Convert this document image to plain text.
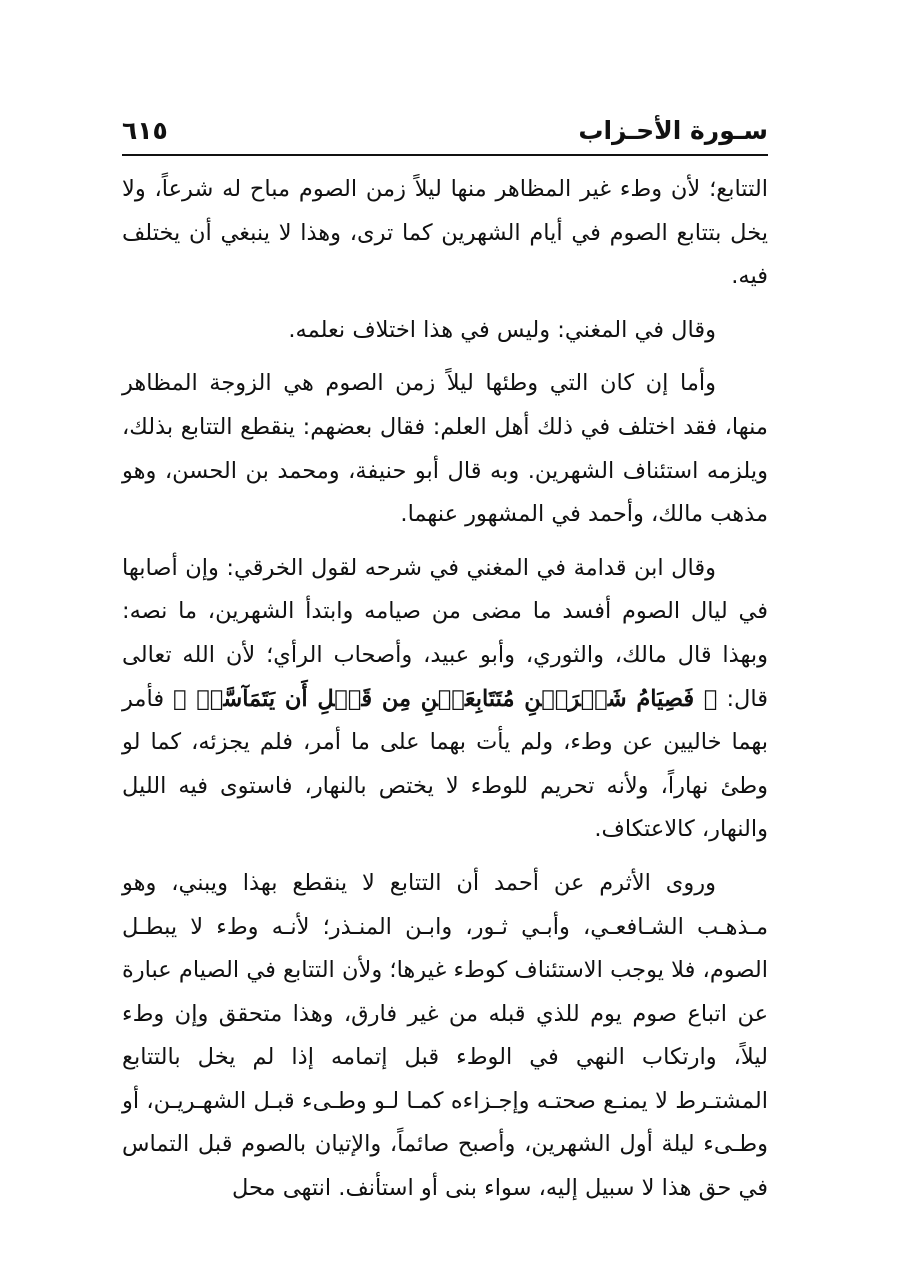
سـورة الأحـزاب
٦١٥

التتابع؛ لأن وطء غير المظاهر منها ليلاً زمن الصوم مباح له شرعاً، ولا يخل بتتابع الصوم في أيام الشهرين كما ترى، وهذا لا ينبغي أن يختلف فيه.

وقال في المغني: وليس في هذا اختلاف نعلمه.

وأما إن كان التي وطئها ليلاً زمن الصوم هي الزوجة المظاهر منها، فقد اختلف في ذلك أهل العلم: فقال بعضهم: ينقطع التتابع بذلك، ويلزمه استئناف الشهرين. وبه قال أبو حنيفة، ومحمد بن الحسن، وهو مذهب مالك، وأحمد في المشهور عنهما.

وقال ابن قدامة في المغني في شرحه لقول الخرقي: وإن أصابها في ليال الصوم أفسد ما مضى من صيامه وابتدأ الشهرين، ما نصه: وبهذا قال مالك، والثوري، وأبو عبيد، وأصحاب الرأي؛ لأن الله تعالى قال: ﴿ فَصِيَامُ شَهۡرَيۡنِ مُتَتَابِعَيۡنِ مِن قَبۡلِ أَن يَتَمَآسَّاۖ ﴾ فأمر بهما خاليين عن وطء، ولم يأت بهما على ما أمر، فلم يجزئه، كما لو وطئ نهاراً، ولأنه تحريم للوطء لا يختص بالنهار، فاستوى فيه الليل والنهار، كالاعتكاف.

وروى الأثرم عن أحمد أن التتابع لا ينقطع بهذا ويبني، وهو مـذهـب الشـافعـي، وأبـي ثـور، وابـن المنـذر؛ لأنـه وطء لا يبطـل الصوم، فلا يوجب الاستئناف كوطء غيرها؛ ولأن التتابع في الصيام عبارة عن اتباع صوم يوم للذي قبله من غير فارق، وهذا متحقق وإن وطء ليلاً، وارتكاب النهي في الوطء قبل إتمامه إذا لم يخل بالتتابع المشتـرط لا يمنـع صحتـه وإجـزاءه كمـا لـو وطـىء قبـل الشهـريـن، أو وطـىء ليلة أول الشهرين، وأصبح صائماً، والإتيان بالصوم قبل التماس في حق هذا لا سبيل إليه، سواء بنى أو استأنف. انتهى محل
